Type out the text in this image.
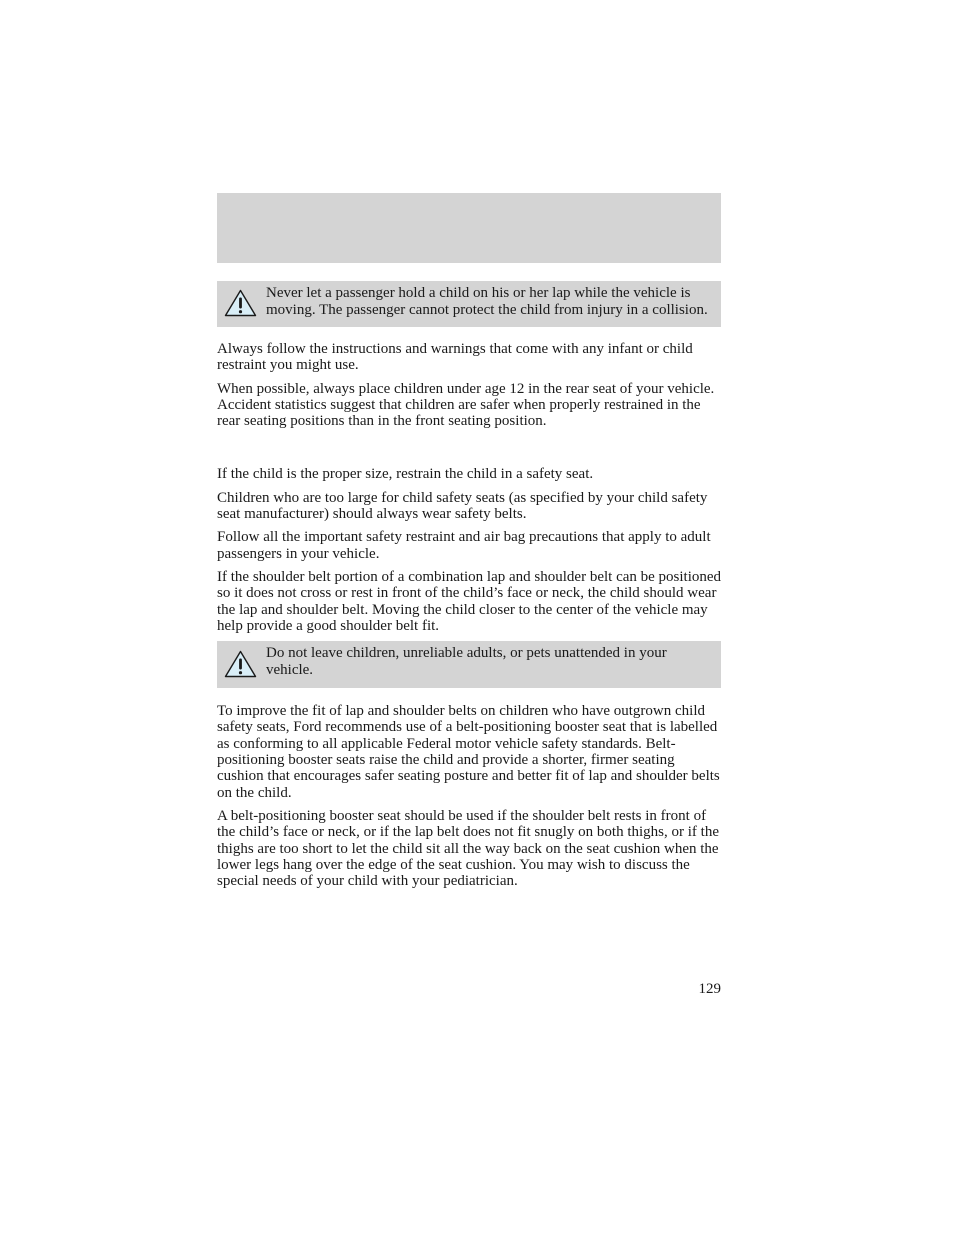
Never let a passenger hold a child on his or her lap while the vehicle is moving. The passenger cannot protect the child from injury in a collision.

Always follow the instructions and warnings that come with any infant or child restraint you might use.

When possible, always place children under age 12 in the rear seat of your vehicle. Accident statistics suggest that children are safer when properly restrained in the rear seating positions than in the front seating position.

If the child is the proper size, restrain the child in a safety seat.

Children who are too large for child safety seats (as specified by your child safety seat manufacturer) should always wear safety belts.

Follow all the important safety restraint and air bag precautions that apply to adult passengers in your vehicle.

If the shoulder belt portion of a combination lap and shoulder belt can be positioned so it does not cross or rest in front of the child’s face or neck, the child should wear the lap and shoulder belt. Moving the child closer to the center of the vehicle may help provide a good shoulder belt fit.

Do not leave children, unreliable adults, or pets unattended in your vehicle.

To improve the fit of lap and shoulder belts on children who have outgrown child safety seats, Ford recommends use of a belt-positioning booster seat that is labelled as conforming to all applicable Federal motor vehicle safety standards. Belt-positioning booster seats raise the child and provide a shorter, firmer seating cushion that encourages safer seating posture and better fit of lap and shoulder belts on the child.

A belt-positioning booster seat should be used if the shoulder belt rests in front of the child’s face or neck, or if the lap belt does not fit snugly on both thighs, or if the thighs are too short to let the child sit all the way back on the seat cushion when the lower legs hang over the edge of the seat cushion. You may wish to discuss the special needs of your child with your pediatrician.

129
